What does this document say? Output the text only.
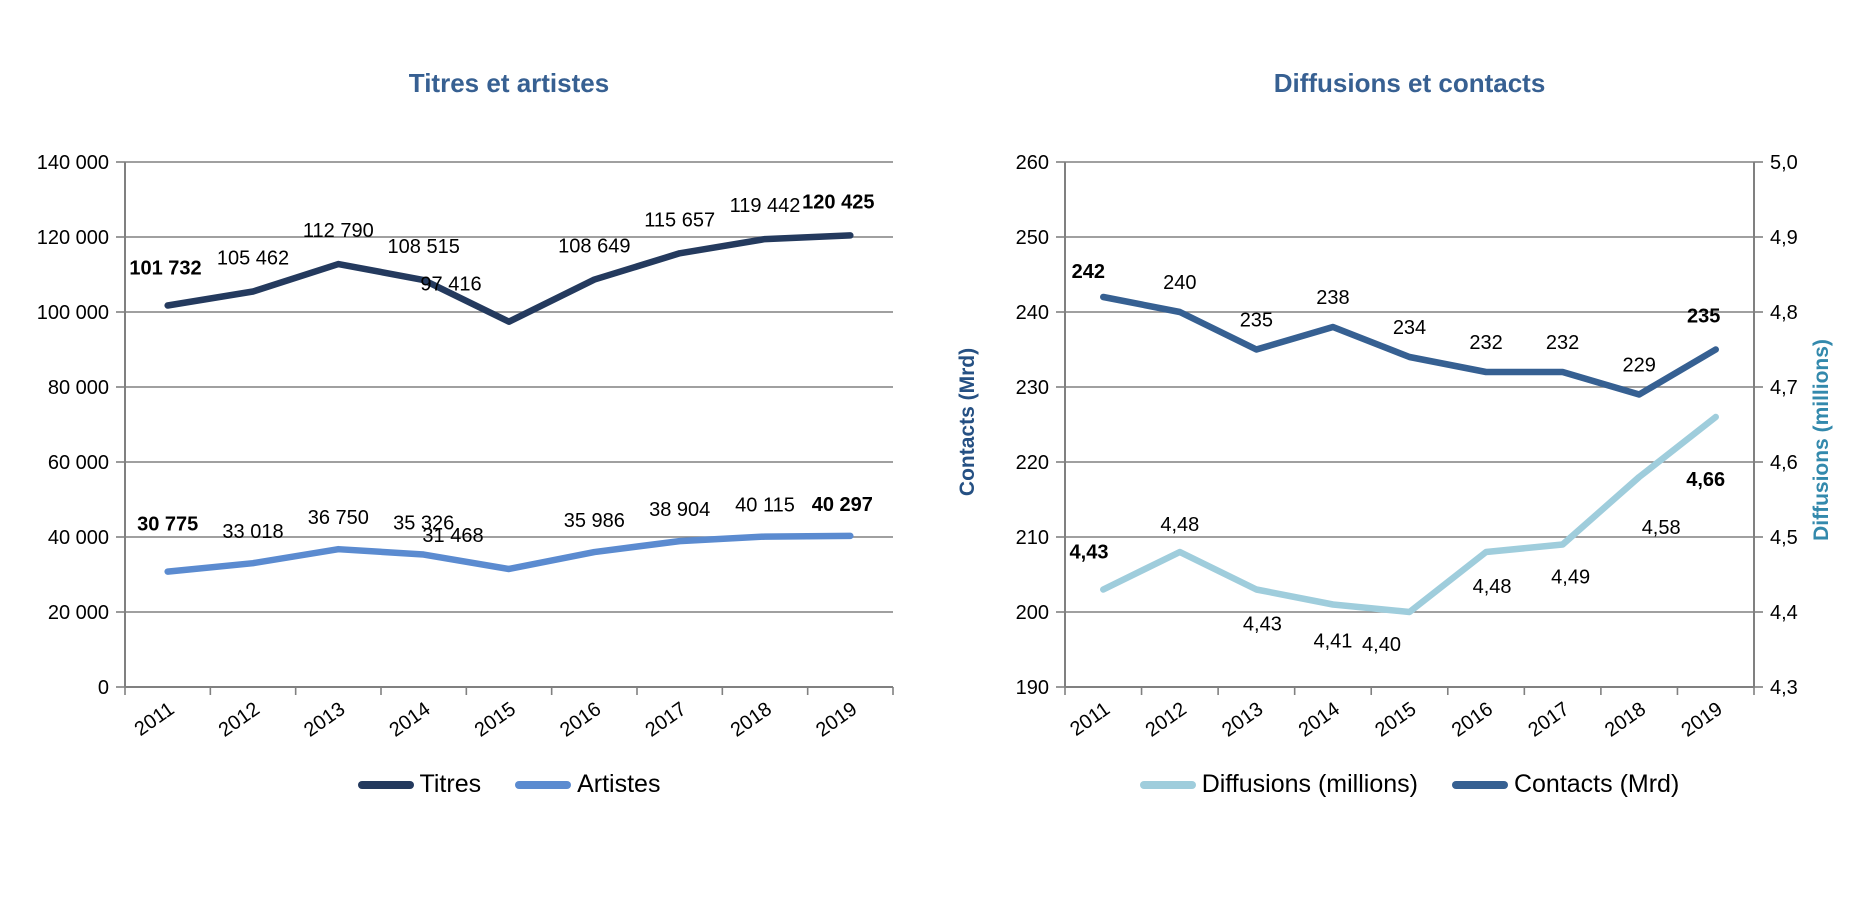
140 000
120 000
100 000
80 000
60 000
40 000
20 000
0
2011 2012 2013 2014 2015 2016 2017 2018 2019
101 732 105 462
112 790
108 515
97 416
108 649
115 657
119 442 120 425
30 775 33 018
36 750 35 326
31 468
35 986 38 904 40 115 40 297
260	5,0
250	4,9
240	4,8
230	4,7
220	4,6
210	4,5
200	4,4
190	4,3
2011 2012 2013 2014 2015 2016 2017 2018 2019
4,43
4,48
4,43
4,41 4,40
4,48 4,49
4,58
4,66
242	240
235
238
234
232 232
229
235
Titres et artistes	Diffusions et contacts
Contacts (Mrd)	Diffusions (millions)
Titres	Artistes	Diffusions (millions)	Contacts (Mrd)
